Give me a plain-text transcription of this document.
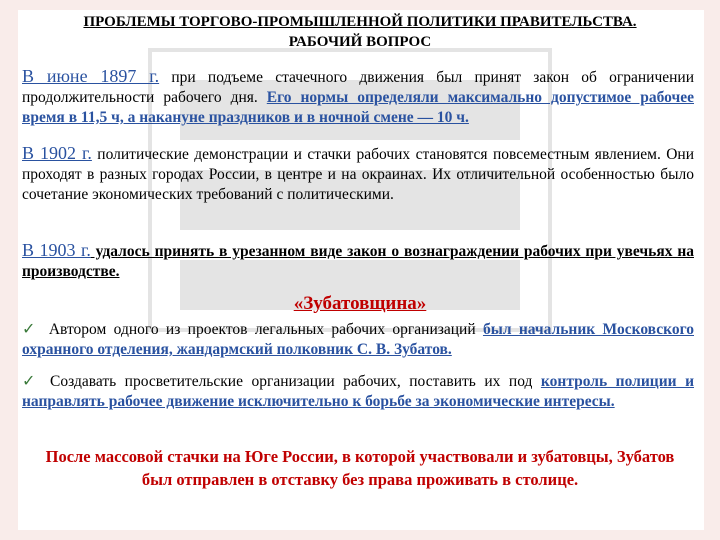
ПРОБЛЕМЫ ТОРГОВО-ПРОМЫШЛЕННОЙ ПОЛИТИКИ ПРАВИТЕЛЬСТВА.
РАБОЧИЙ ВОПРОС
В июне 1897 г. при подъеме стачечного движения был принят закон об ограничении продолжительности рабочего дня. Его нормы определяли максимально допустимое рабочее время в 11,5 ч, а накануне праздников и в ночной смене — 10 ч.
В 1902 г. политические демонстрации и стачки рабочих становятся повсеместным явлением. Они проходят в разных городах России, в центре и на окраинах. Их отличительной особенностью было сочетание экономических требований с политическими.
В 1903 г. удалось принять в урезанном виде закон о вознаграждении рабочих при увечьях на производстве.
«Зубатовщина»
✓ Автором одного из проектов легальных рабочих организаций был начальник Московского охранного отделения, жандармский полковник С. В. Зубатов.
✓ Создавать просветительские организации рабочих, поставить их под контроль полиции и направлять рабочее движение исключительно к борьбе за экономические интересы.
После массовой стачки на Юге России, в которой участвовали и зубатовцы, Зубатов был отправлен в отставку без права проживать в столице.
